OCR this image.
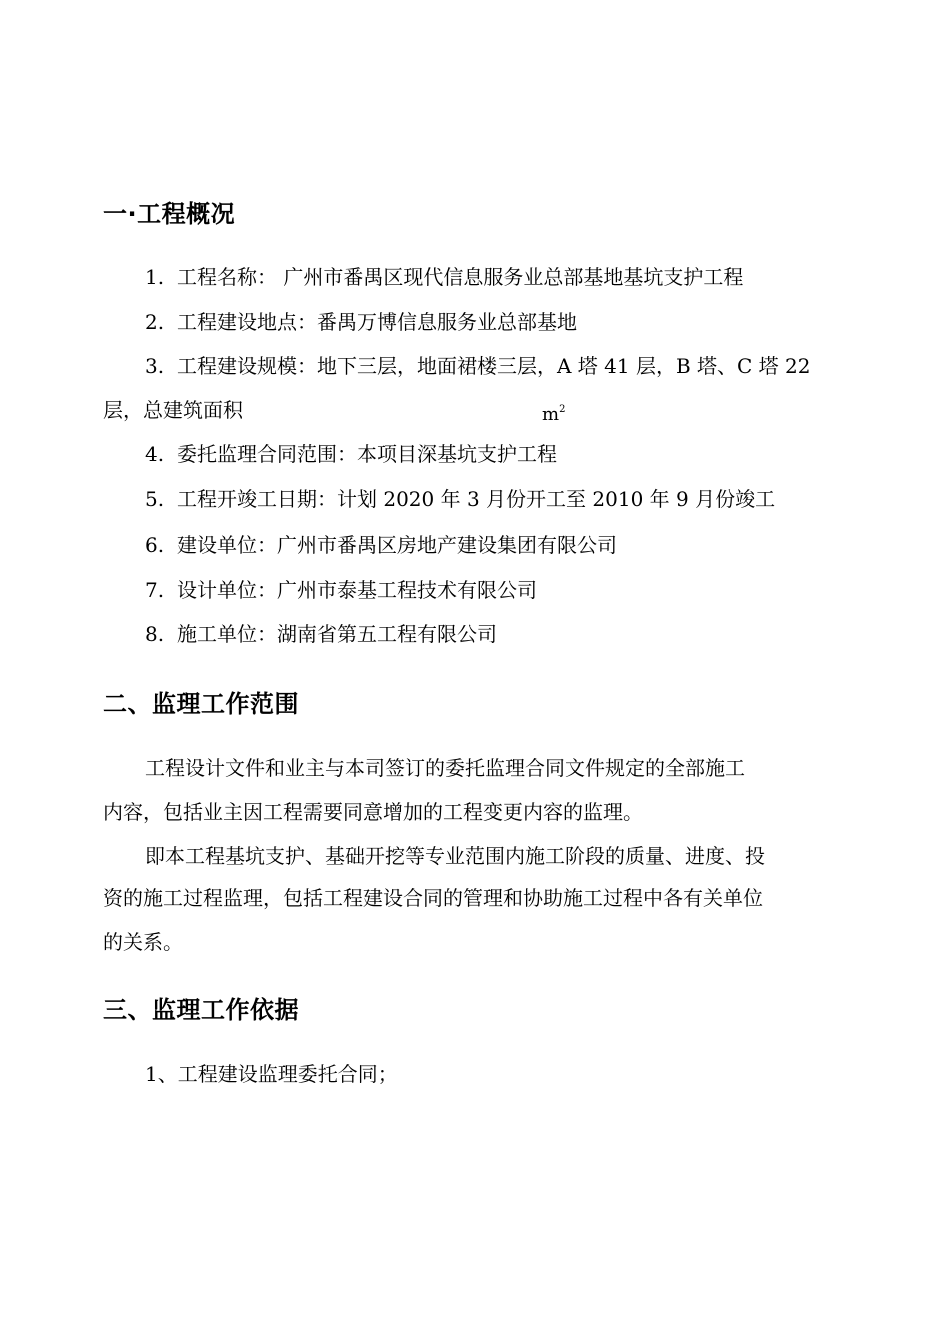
一·工程概况
1. 工程名称： 广州市番禺区现代信息服务业总部基地基坑支护工程
2. 工程建设地点：番禺万博信息服务业总部基地
3. 工程建设规模：地下三层，地面裙楼三层，A 塔 41 层，B 塔、C 塔 22
层，总建筑面积	$m^2$
4. 委托监理合同范围：本项目深基坑支护工程
5. 工程开竣工日期：计划 2020 年 3 月份开工至 2010 年 9 月份竣工
6. 建设单位：广州市番禺区房地产建设集团有限公司
7. 设计单位：广州市泰基工程技术有限公司
8. 施工单位：湖南省第五工程有限公司
二、监理工作范围
工程设计文件和业主与本司签订的委托监理合同文件规定的全部施工
内容，包括业主因工程需要同意增加的工程变更内容的监理。
即本工程基坑支护、基础开挖等专业范围内施工阶段的质量、进度、投
资的施工过程监理，包括工程建设合同的管理和协助施工过程中各有关单位
的关系。
三、监理工作依据
1、工程建设监理委托合同；
